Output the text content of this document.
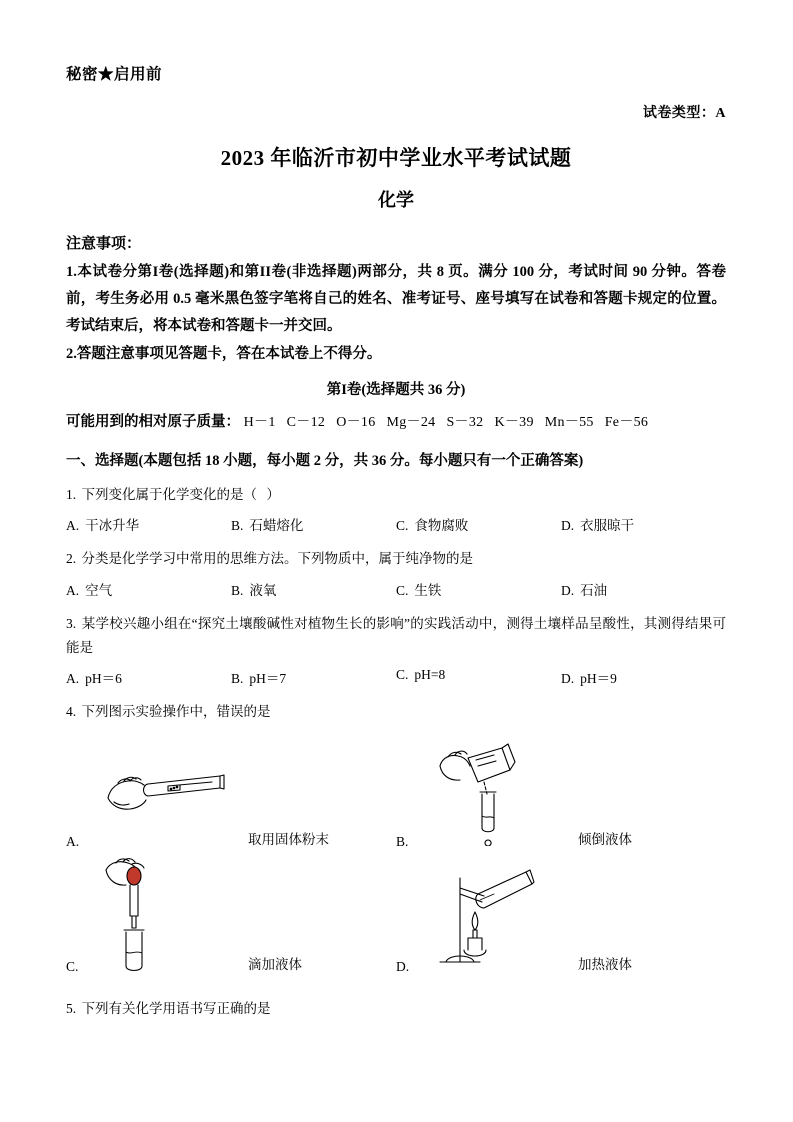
秘密★启用前
试卷类型：A
2023 年临沂市初中学业水平考试试题
化学
注意事项：
1.本试卷分第I卷(选择题)和第II卷(非选择题)两部分，共 8 页。满分 100 分，考试时间 90 分钟。答卷前，考生务必用 0.5 毫米黑色签字笔将自己的姓名、准考证号、座号填写在试卷和答题卡规定的位置。考试结束后，将本试卷和答题卡一并交回。
2.答题注意事项见答题卡，答在本试卷上不得分。
第I卷(选择题共 36 分)
可能用到的相对原子质量： H－1 C－12 O－16 Mg－24 S－32 K－39 Mn－55 Fe－56
一、选择题(本题包括 18 小题，每小题 2 分，共 36 分。每小题只有一个正确答案)
1. 下列变化属于化学变化的是（ ）
A. 干冰升华	B. 石蜡熔化	C. 食物腐败	D. 衣服晾干
2. 分类是化学学习中常用的思维方法。下列物质中，属于纯净物的是
A. 空气	B. 液氧	C. 生铁	D. 石油
3. 某学校兴趣小组在“探究土壤酸碱性对植物生长的影响”的实践活动中，测得土壤样品呈酸性，其测得结果可能是
A. pH＝6	B. pH＝7	C. pH=8	D. pH＝9
4. 下列图示实验操作中，错误的是
A.	取用固体粉末	B.	倾倒液体
C.	滴加液体	D.	加热液体
5. 下列有关化学用语书写正确的是
